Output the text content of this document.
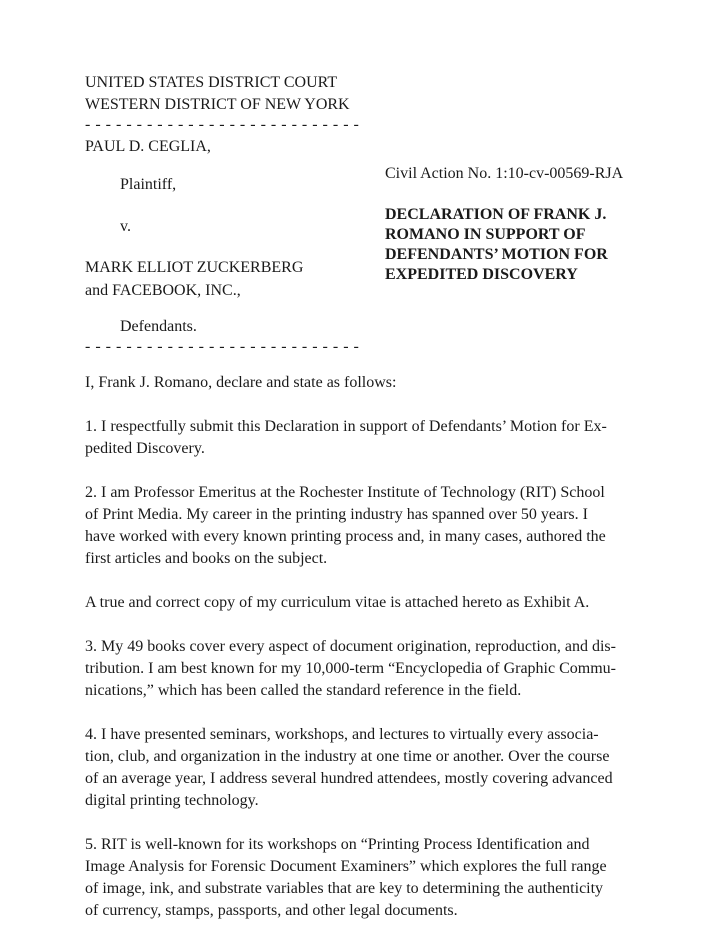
UNITED STATES DISTRICT COURT
WESTERN DISTRICT OF NEW YORK
- - - - - - - - - - - - - - - - - - - - - - - - - - -
PAUL D. CEGLIA,
Plaintiff,
v.
MARK ELLIOT ZUCKERBERG
and FACEBOOK, INC.,
Defendants.
- - - - - - - - - - - - - - - - - - - - - - - - - - -
Civil Action No. 1:10-cv-00569-RJA
DECLARATION OF FRANK J.
ROMANO IN SUPPORT OF
DEFENDANTS’ MOTION FOR
EXPEDITED DISCOVERY

I, Frank J. Romano, declare and state as follows:

1. I respectfully submit this Declaration in support of Defendants’ Motion for Ex-
pedited Discovery.

2. I am Professor Emeritus at the Rochester Institute of Technology (RIT) School
of Print Media. My career in the printing industry has spanned over 50 years. I
have worked with every known printing process and, in many cases, authored the
first articles and books on the subject.

A true and correct copy of my curriculum vitae is attached hereto as Exhibit A.

3. My 49 books cover every aspect of document origination, reproduction, and dis-
tribution. I am best known for my 10,000-term “Encyclopedia of Graphic Commu-
nications,” which has been called the standard reference in the field.

4. I have presented seminars, workshops, and lectures to virtually every associa-
tion, club, and organization in the industry at one time or another. Over the course
of an average year, I address several hundred attendees, mostly covering advanced
digital printing technology.

5. RIT is well-known for its workshops on “Printing Process Identification and
Image Analysis for Forensic Document Examiners” which explores the full range
of image, ink, and substrate variables that are key to determining the authenticity
of currency, stamps, passports, and other legal documents.
